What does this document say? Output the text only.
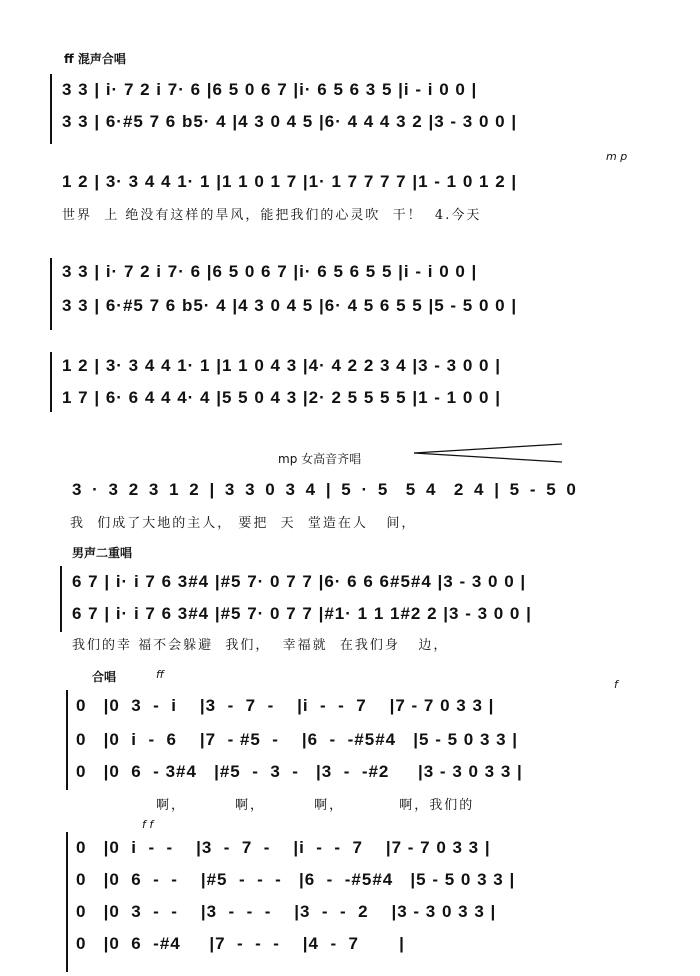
ff 混声合唱
3 3 | i· 7 2 i 7· 6 |6 5 0 6 7 |i· 6 5 6 3 5 |i - i 0 0 |
3 3 | 6·#5 7 6 b5· 4 |4 3 0 4 5 |6· 4 4 4 3 2 |3 - 3 0 0 |
m p
1 2 | 3· 3 4 4 1· 1 |1 1 0 1 7 |1· 1 7 7 7 7 |1 - 1 0 1 2 |
世界  上 绝没有这样的旱风，能把我们的心灵吹  干！  4.今天
3 3 | i· 7 2 i 7· 6 |6 5 0 6 7 |i· 6 5 6 5 5 |i - i 0 0 |
3 3 | 6·#5 7 6 b5· 4 |4 3 0 4 5 |6· 4 5 6 5 5 |5 - 5 0 0 |
1 2 | 3· 3 4 4 1· 1 |1 1 0 4 3 |4· 4 2 2 3 4 |3 - 3 0 0 |
1 7 | 6· 6 4 4 4· 4 |5 5 0 4 3 |2· 2 5 5 5 5 |1 - 1 0 0 |
mp 女高音齐唱
3 · 3 2 3 1 2 | 3 3 0 3 4 | 5 · 5  5 4  2 4 | 5 - 5 0
我  们成了大地的主人， 要把  天  堂造在人   间，
男声二重唱
6 7 | i· i 7 6 3#4 |#5 7· 0 7 7 |6· 6 6 6#5#4 |3 - 3 0 0 |
6 7 | i· i 7 6 3#4 |#5 7· 0 7 7 |#1· 1 1 1#2 2 |3 - 3 0 0 |
我们的幸 福不会躲避  我们，  幸福就  在我们身   边，
合唱	ff
f
0   |0  3  -  i    |3  -  7  -    |i  -  -  7    |7 - 7 0 3 3 |
0   |0  i  -  6    |7  - #5  -    |6  -  -#5#4   |5 - 5 0 3 3 |
0   |0  6  - 3#4   |#5  -  3  -   |3  -  -#2     |3 - 3 0 3 3 |
啊，        啊，        啊，         啊，我们的
f f
0   |0  i  -  -    |3  -  7  -    |i  -  -  7    |7 - 7 0 3 3 |
0   |0  6  -  -    |#5  -  -  -   |6  -  -#5#4   |5 - 5 0 3 3 |
0   |0  3  -  -    |3  -  -  -    |3  -  -  2    |3 - 3 0 3 3 |
0   |0  6  -#4     |7  -  -  -    |4  -  7       |
